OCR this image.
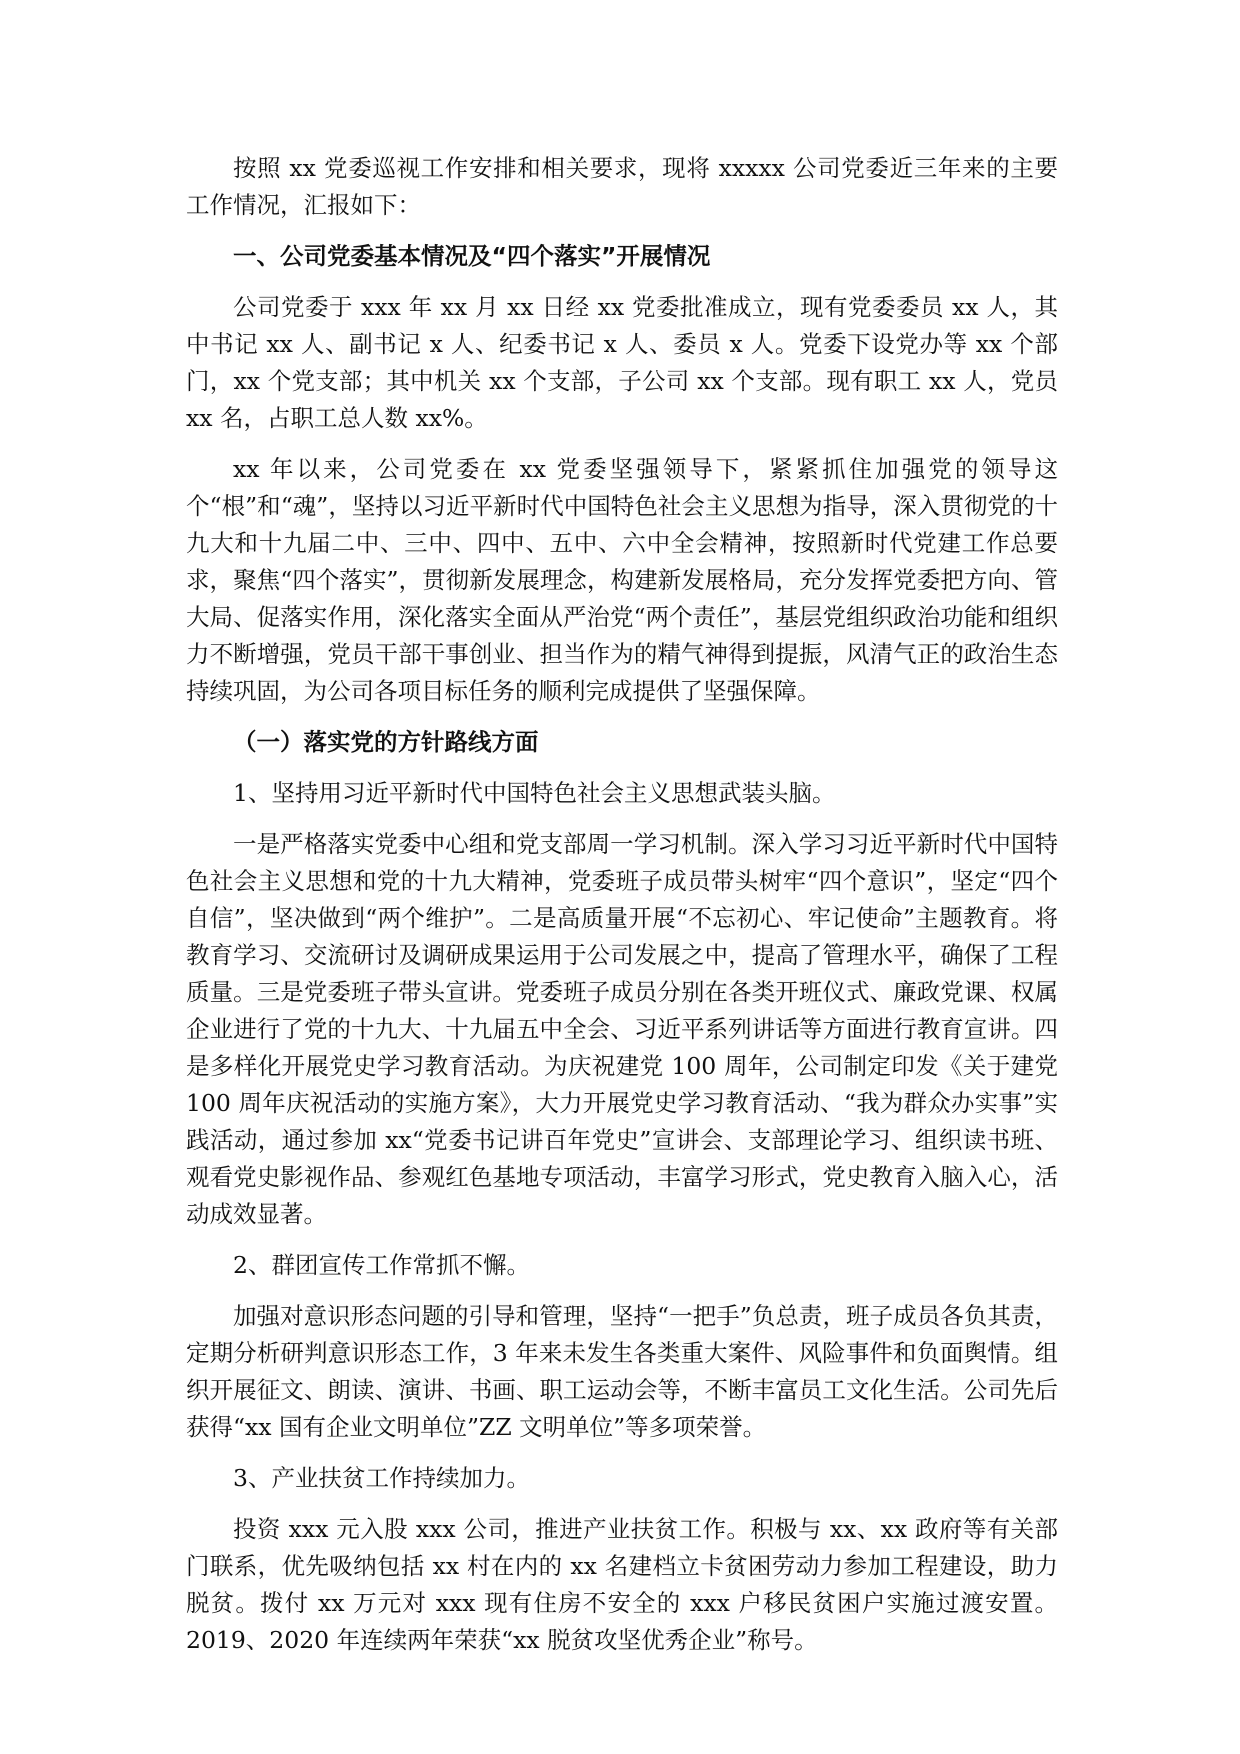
按照 xx 党委巡视工作安排和相关要求，现将 xxxxx 公司党委近三年来的主要工作情况，汇报如下：

一、公司党委基本情况及“四个落实”开展情况

公司党委于 xxx 年 xx 月 xx 日经 xx 党委批准成立，现有党委委员 xx 人，其中书记 xx 人、副书记 x 人、纪委书记 x 人、委员 x 人。党委下设党办等 xx 个部门，xx 个党支部；其中机关 xx 个支部，子公司 xx 个支部。现有职工 xx 人，党员 xx 名，占职工总人数 xx%。

xx 年以来，公司党委在 xx 党委坚强领导下，紧紧抓住加强党的领导这个“根”和“魂”，坚持以习近平新时代中国特色社会主义思想为指导，深入贯彻党的十九大和十九届二中、三中、四中、五中、六中全会精神，按照新时代党建工作总要求，聚焦“四个落实”，贯彻新发展理念，构建新发展格局，充分发挥党委把方向、管大局、促落实作用，深化落实全面从严治党“两个责任”，基层党组织政治功能和组织力不断增强，党员干部干事创业、担当作为的精气神得到提振，风清气正的政治生态持续巩固，为公司各项目标任务的顺利完成提供了坚强保障。

（一）落实党的方针路线方面

1、坚持用习近平新时代中国特色社会主义思想武装头脑。

一是严格落实党委中心组和党支部周一学习机制。深入学习习近平新时代中国特色社会主义思想和党的十九大精神，党委班子成员带头树牢“四个意识”，坚定“四个自信”，坚决做到“两个维护”。二是高质量开展“不忘初心、牢记使命”主题教育。将教育学习、交流研讨及调研成果运用于公司发展之中，提高了管理水平，确保了工程质量。三是党委班子带头宣讲。党委班子成员分别在各类开班仪式、廉政党课、权属企业进行了党的十九大、十九届五中全会、习近平系列讲话等方面进行教育宣讲。四是多样化开展党史学习教育活动。为庆祝建党 100 周年，公司制定印发《关于建党 100 周年庆祝活动的实施方案》，大力开展党史学习教育活动、“我为群众办实事”实践活动，通过参加 xx“党委书记讲百年党史”宣讲会、支部理论学习、组织读书班、观看党史影视作品、参观红色基地专项活动，丰富学习形式，党史教育入脑入心，活动成效显著。

2、群团宣传工作常抓不懈。

加强对意识形态问题的引导和管理，坚持“一把手”负总责，班子成员各负其责，定期分析研判意识形态工作，3 年来未发生各类重大案件、风险事件和负面舆情。组织开展征文、朗读、演讲、书画、职工运动会等，不断丰富员工文化生活。公司先后获得“xx 国有企业文明单位”ZZ 文明单位”等多项荣誉。

3、产业扶贫工作持续加力。

投资 xxx 元入股 xxx 公司，推进产业扶贫工作。积极与 xx、xx 政府等有关部门联系，优先吸纳包括 xx 村在内的 xx 名建档立卡贫困劳动力参加工程建设，助力脱贫。拨付 xx 万元对 xxx 现有住房不安全的 xxx 户移民贫困户实施过渡安置。2019、2020 年连续两年荣获“xx 脱贫攻坚优秀企业”称号。
